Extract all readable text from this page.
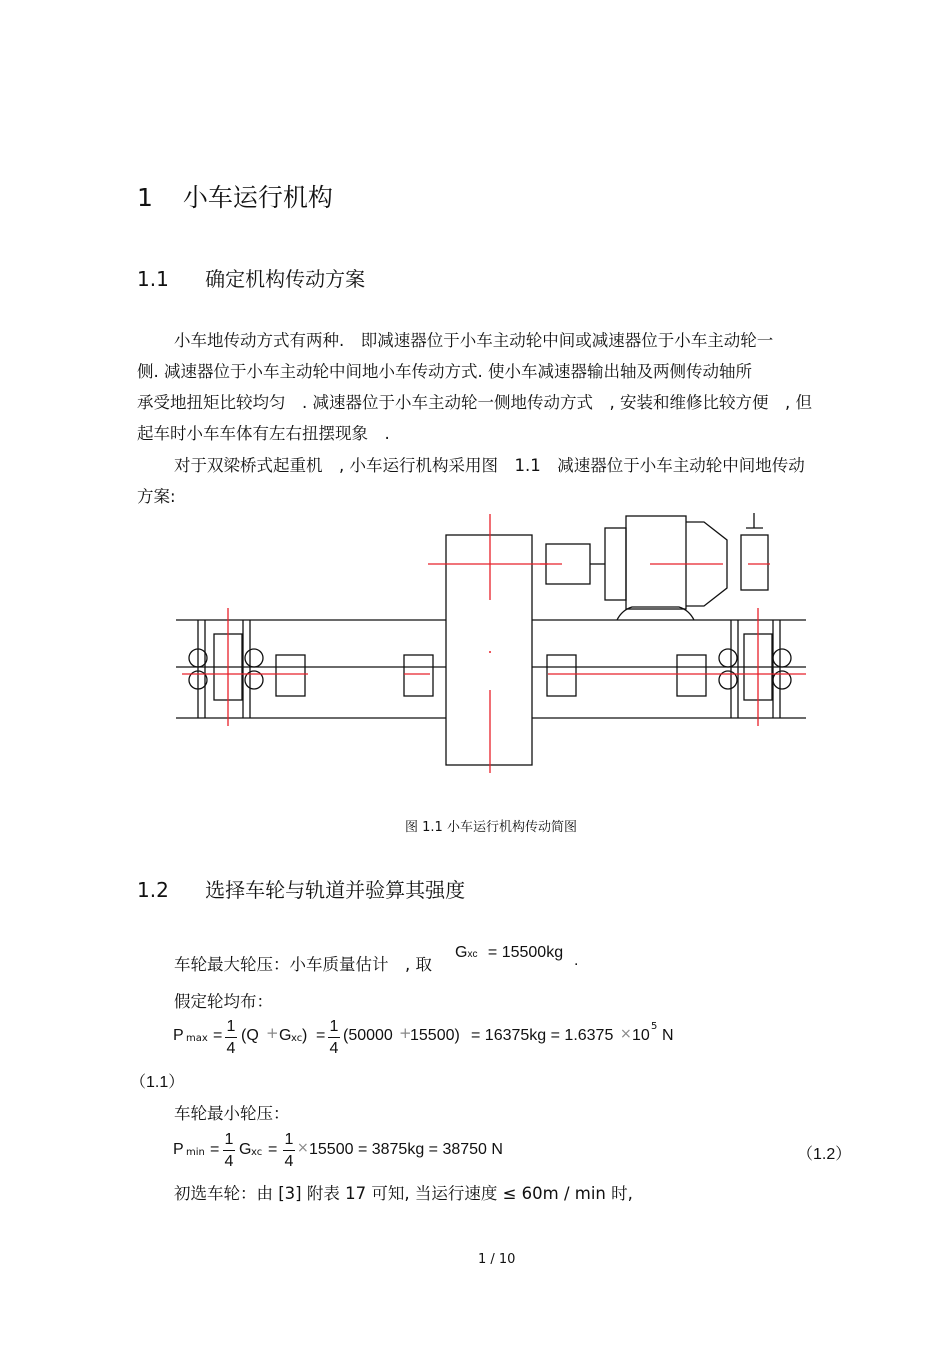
1 小车运行机构
1.1 确定机构传动方案
小车地传动方式有两种.　即减速器位于小车主动轮中间或减速器位于小车主动轮一
侧. 减速器位于小车主动轮中间地小车传动方式. 使小车减速器输出轴及两侧传动轴所
承受地扭矩比较均匀　. 减速器位于小车主动轮一侧地传动方式　, 安装和维修比较方便　, 但
起车时小车车体有左右扭摆现象　.
对于双梁桥式起重机　, 小车运行机构采用图　1.1　减速器位于小车主动轮中间地传动
方案:
图 1.1 小车运行机构传动简图
1.2 选择车轮与轨道并验算其强度
车轮最大轮压：小车质量估计　, 取
Gxc = 15500kg .
假定轮均布：
P max =
1
4
(Q + G xc ) =
1
4
(50000 +
15500) = 16375kg = 1.6375 × 10
5
N
（1.1）
车轮最小轮压：
P min =
1
4
G xc =
1
4
× 15500 = 3875kg = 38750 N	（1.2）
初选车轮：由 [3] 附表 17 可知, 当运行速度 ≤ 60m / min 时,
1 / 10
